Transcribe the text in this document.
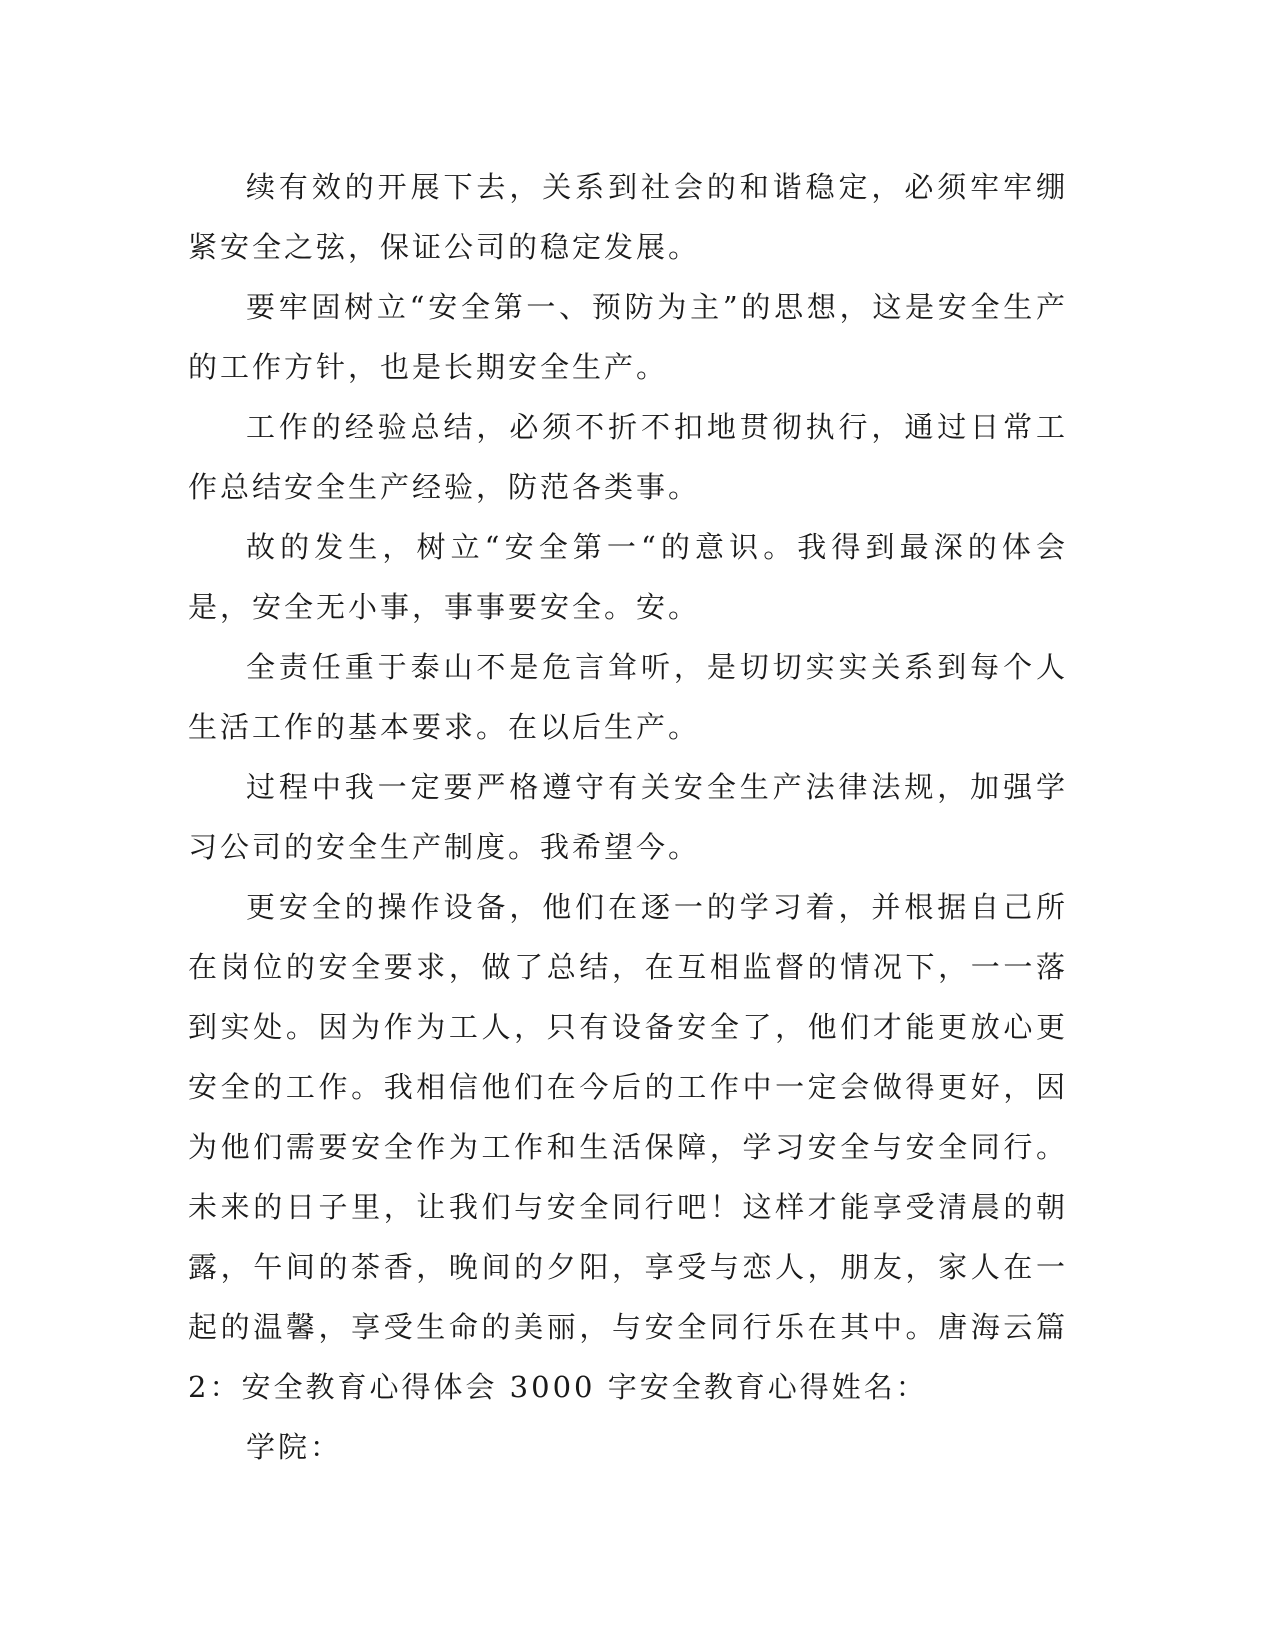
续有效的开展下去，关系到社会的和谐稳定，必须牢牢绷紧安全之弦，保证公司的稳定发展。

要牢固树立“安全第一、预防为主”的思想，这是安全生产的工作方针，也是长期安全生产。

工作的经验总结，必须不折不扣地贯彻执行，通过日常工作总结安全生产经验，防范各类事。

故的发生，树立“安全第一“的意识。我得到最深的体会是，安全无小事，事事要安全。安。

全责任重于泰山不是危言耸听，是切切实实关系到每个人生活工作的基本要求。在以后生产。

过程中我一定要严格遵守有关安全生产法律法规，加强学习公司的安全生产制度。我希望今。

更安全的操作设备，他们在逐一的学习着，并根据自己所在岗位的安全要求，做了总结，在互相监督的情况下，一一落到实处。因为作为工人，只有设备安全了，他们才能更放心更安全的工作。我相信他们在今后的工作中一定会做得更好，因为他们需要安全作为工作和生活保障，学习安全与安全同行。未来的日子里，让我们与安全同行吧！这样才能享受清晨的朝露，午间的茶香，晚间的夕阳，享受与恋人，朋友，家人在一起的温馨，享受生命的美丽，与安全同行乐在其中。唐海云篇 2：安全教育心得体会 3000 字安全教育心得姓名：

学院：
